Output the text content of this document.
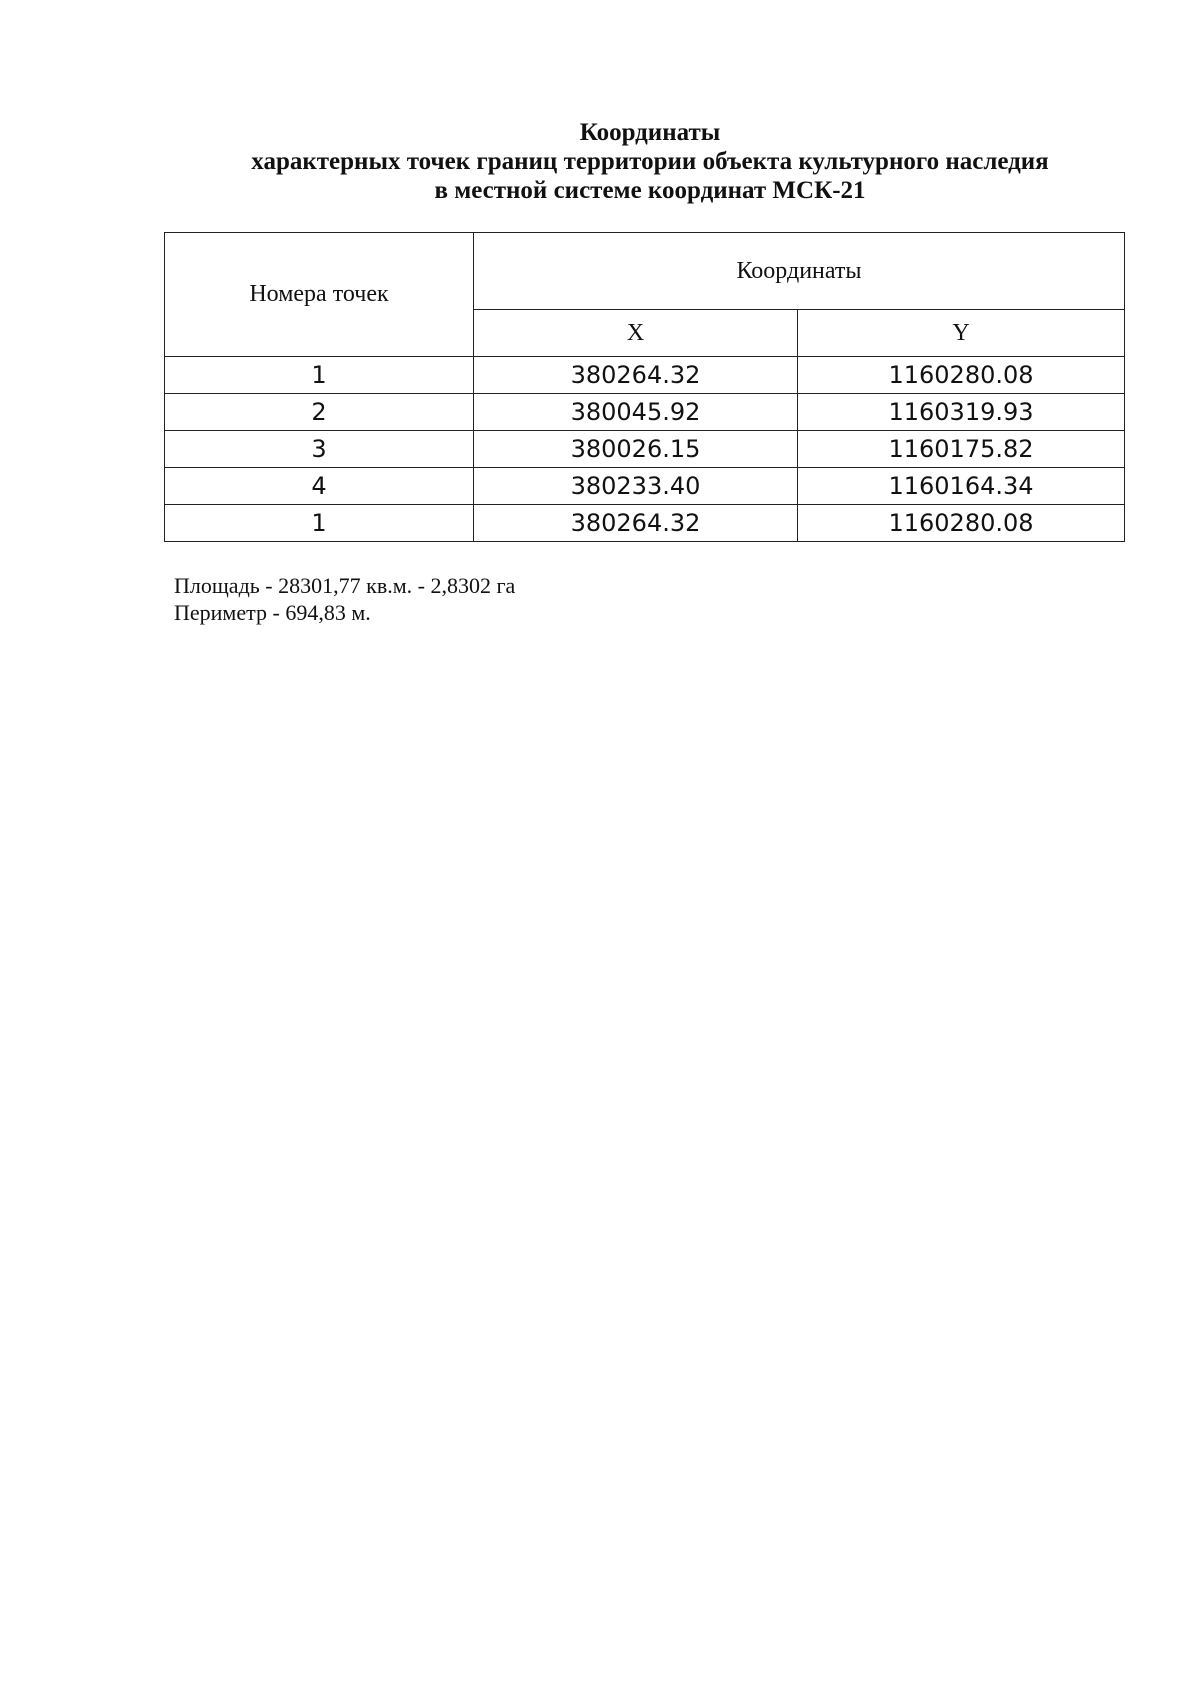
Координаты
характерных точек границ территории объекта культурного наследия
в местной системе координат МСК-21
Номера точек	Координаты	
	X	Y
1	380264.32	1160280.08
2	380045.92	1160319.93
3	380026.15	1160175.82
4	380233.40	1160164.34
1	380264.32	1160280.08
Площадь - 28301,77 кв.м. - 2,8302 га
Периметр - 694,83 м.
